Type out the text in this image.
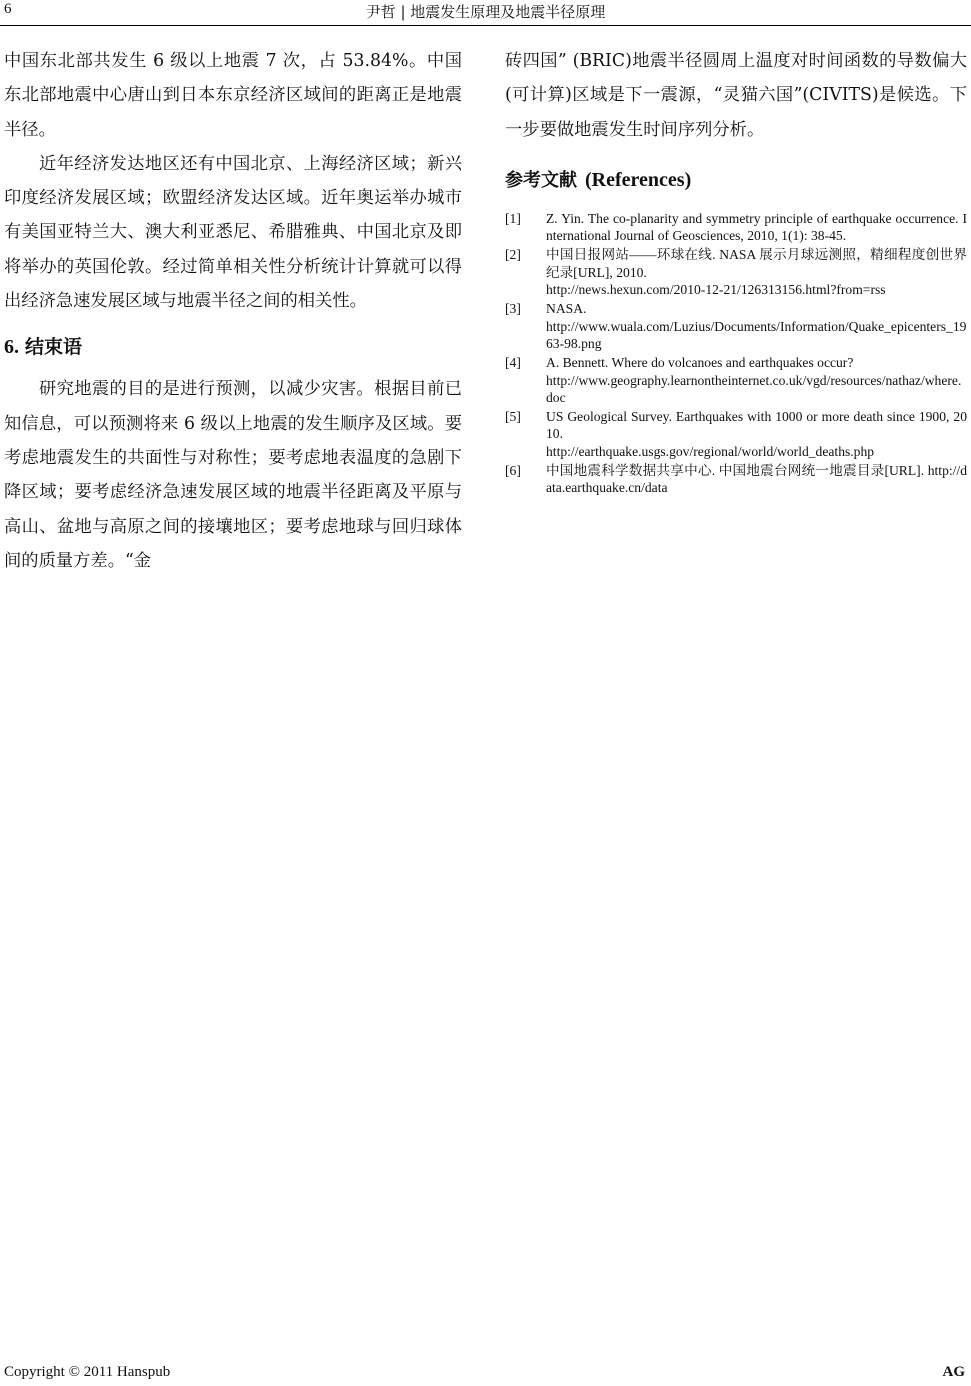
6	尹哲 | 地震发生原理及地震半径原理

中国东北部共发生 6 级以上地震 7 次，占 53.84%。中国东北部地震中心唐山到日本东京经济区域间的距离正是地震半径。

近年经济发达地区还有中国北京、上海经济区域；新兴印度经济发展区域；欧盟经济发达区域。近年奥运举办城市有美国亚特兰大、澳大利亚悉尼、希腊雅典、中国北京及即将举办的英国伦敦。经过简单相关性分析统计计算就可以得出经济急速发展区域与地震半径之间的相关性。

6. 结束语

研究地震的目的是进行预测，以减少灾害。根据目前已知信息，可以预测将来 6 级以上地震的发生顺序及区域。要考虑地震发生的共面性与对称性；要考虑地表温度的急剧下降区域；要考虑经济急速发展区域的地震半径距离及平原与高山、盆地与高原之间的接壤地区；要考虑地球与回归球体间的质量方差。“金

砖四国” (BRIC)地震半径圆周上温度对时间函数的导数偏大(可计算)区域是下一震源，“灵猫六国”(CIVITS)是候选。下一步要做地震发生时间序列分析。

参考文献 (References)
[1] Z. Yin. The co-planarity and symmetry principle of earthquake occurrence. International Journal of Geosciences, 2010, 1(1): 38-45.
[2] 中国日报网站——环球在线. NASA 展示月球远测照，精细程度创世界纪录[URL], 2010.
http://news.hexun.com/2010-12-21/126313156.html?from=rss
[3] NASA.
http://www.wuala.com/Luzius/Documents/Information/Quake_epicenters_1963-98.png
[4] A. Bennett. Where do volcanoes and earthquakes occur?
http://www.geography.learnontheinternet.co.uk/vgd/resources/nathaz/where.doc
[5] US Geological Survey. Earthquakes with 1000 or more death since 1900, 2010.
http://earthquake.usgs.gov/regional/world/world_deaths.php
[6] 中国地震科学数据共享中心. 中国地震台网统一地震目录[URL]. http://data.earthquake.cn/data
Copyright © 2011 Hanspub	AG
